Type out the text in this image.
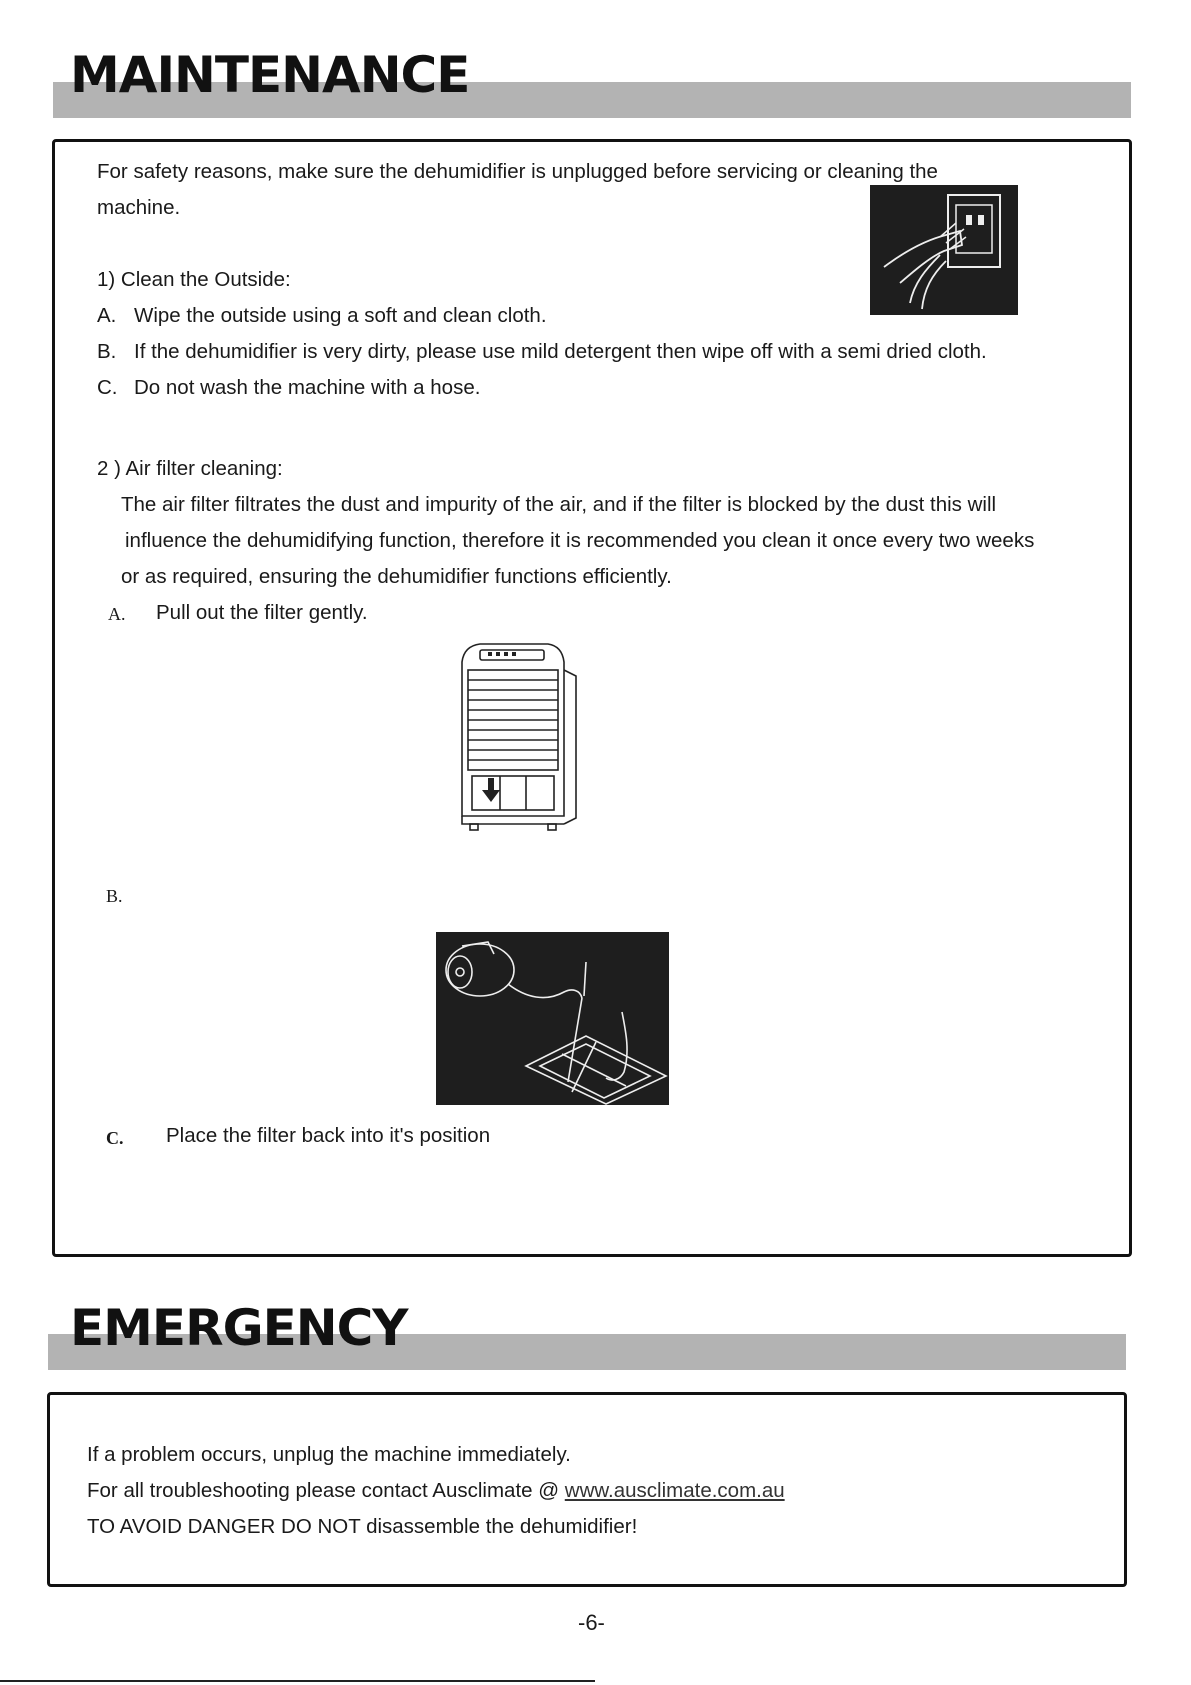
MAINTENANCE

For safety reasons, make sure the dehumidifier is unplugged before servicing or cleaning the

machine.

1) Clean the Outside:

A. Wipe the outside using a soft and clean cloth.

B. If the dehumidifier is very dirty, please use mild detergent then wipe off with a semi dried cloth.

C. Do not wash the machine with a hose.

2 ) Air filter cleaning:

The air filter filtrates the dust and impurity of the air, and if the filter is blocked by the dust this will

influence the dehumidifying function, therefore it is recommended you clean it once every two weeks

or as required, ensuring the dehumidifier functions efficiently.

A. Pull out the filter gently.

B.

C. Place the filter back into it's position

EMERGENCY

If a problem occurs, unplug the machine immediately.

For all troubleshooting please contact Ausclimate @ www.ausclimate.com.au

TO AVOID DANGER DO NOT disassemble the dehumidifier!

-6-
